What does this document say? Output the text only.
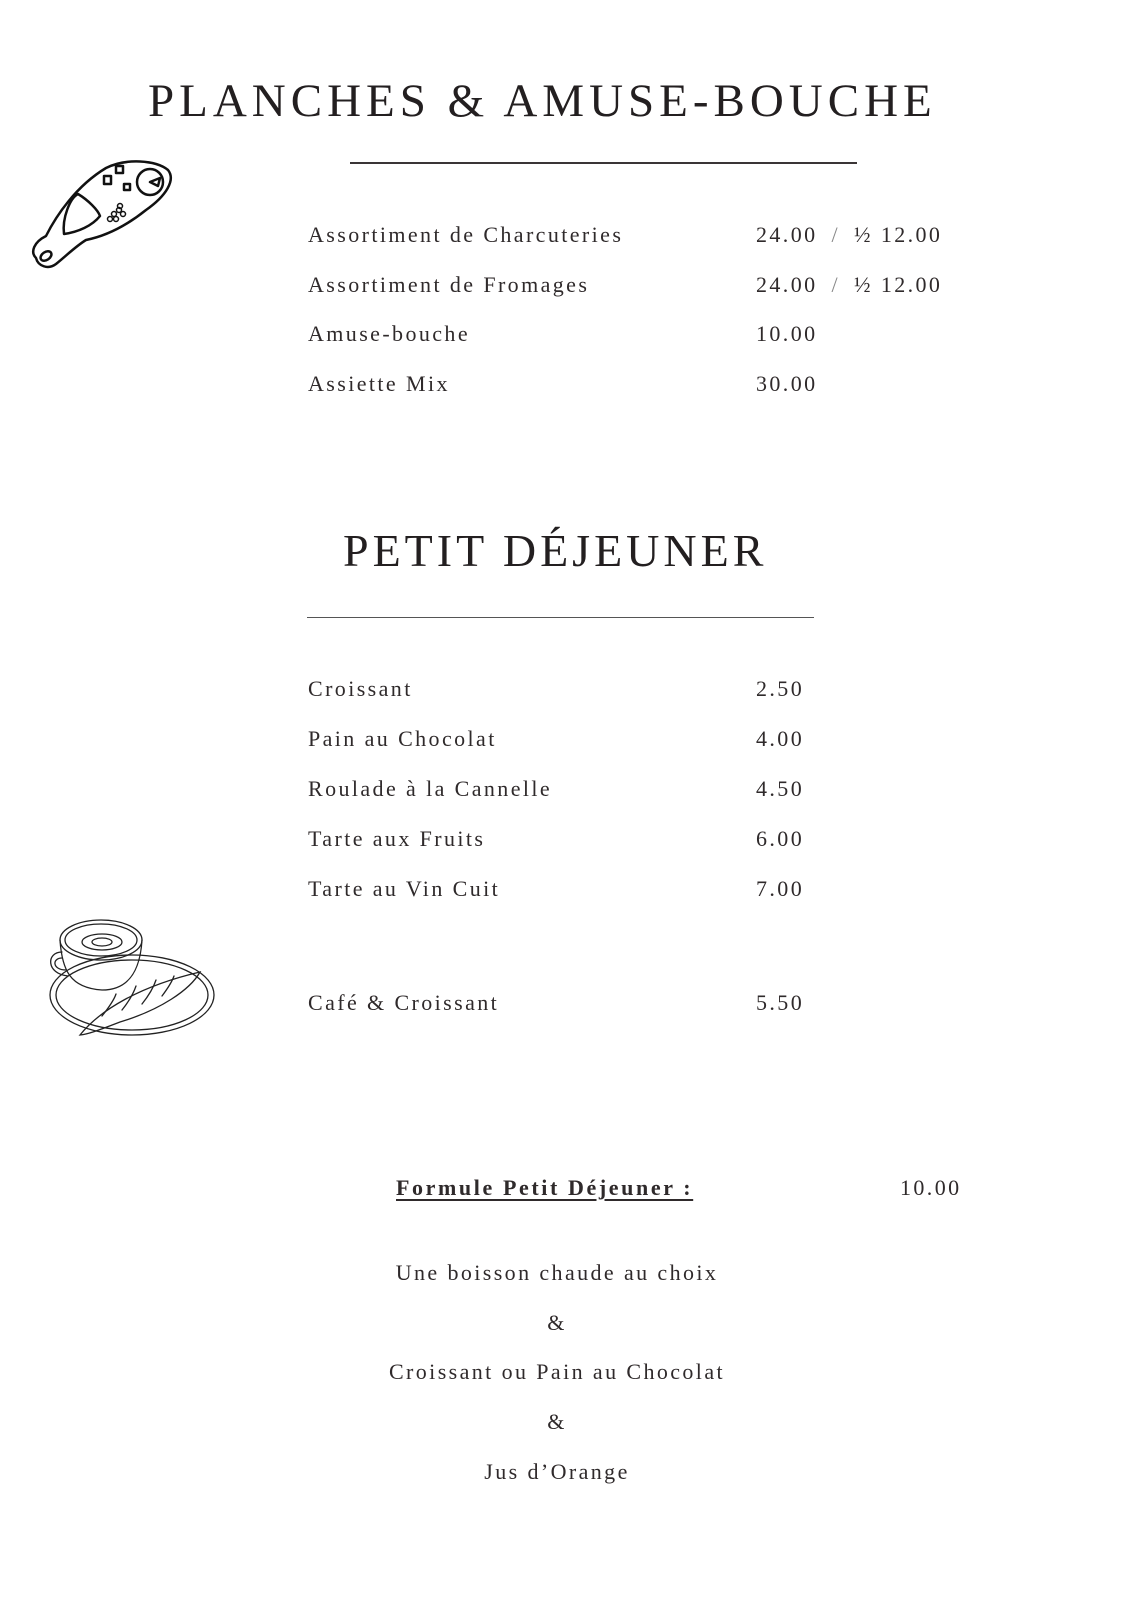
PLANCHES & AMUSE-BOUCHE
Assortiment de Charcuteries	24.00 / ½ 12.00
Assortiment de Fromages	24.00 / ½ 12.00
Amuse-bouche	10.00
Assiette Mix	30.00
PETIT DÉJEUNER
Croissant	2.50
Pain au Chocolat	4.00
Roulade à la Cannelle	4.50
Tarte aux Fruits	6.00
Tarte au Vin Cuit	7.00
Café & Croissant	5.50
Formule Petit Déjeuner :	10.00
Une boisson chaude au choix
&
Croissant ou Pain au Chocolat
&
Jus d’Orange
